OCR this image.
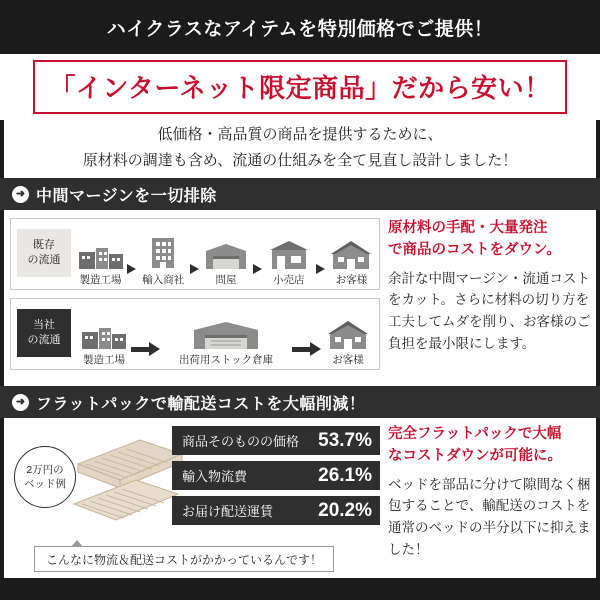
ハイクラスなアイテムを特別価格でご提供！
「インターネット限定商品」だから安い！
低価格・高品質の商品を提供するために、
原材料の調達も含め、流通の仕組みを全て見直し設計しました！
➜ 中間マージンを一切排除
既存
の流通
製造工場 輸入商社	問屋	小売店	お客様
当社
の流通
製造工場	出荷用ストック倉庫	お客様
原材料の手配・大量発注
で商品のコストをダウン。
余計な中間マージン・流通コストをカット。さらに材料の切り方を工夫してムダを削り、お客様のご負担を最小限にします。
➜ フラットパックで輸配送コストを大幅削減！
2万円の
ベッド例
商品そのものの価格 53.7%
輸入物流費	26.1%
お届け配送運賃 20.2%
こんなに物流＆配送コストがかかっているんです！
完全フラットパックで大幅
なコストダウンが可能に。
ベッドを部品に分けて隙間なく梱包することで、輸配送のコストを通常のベッドの半分以下に抑えました！
